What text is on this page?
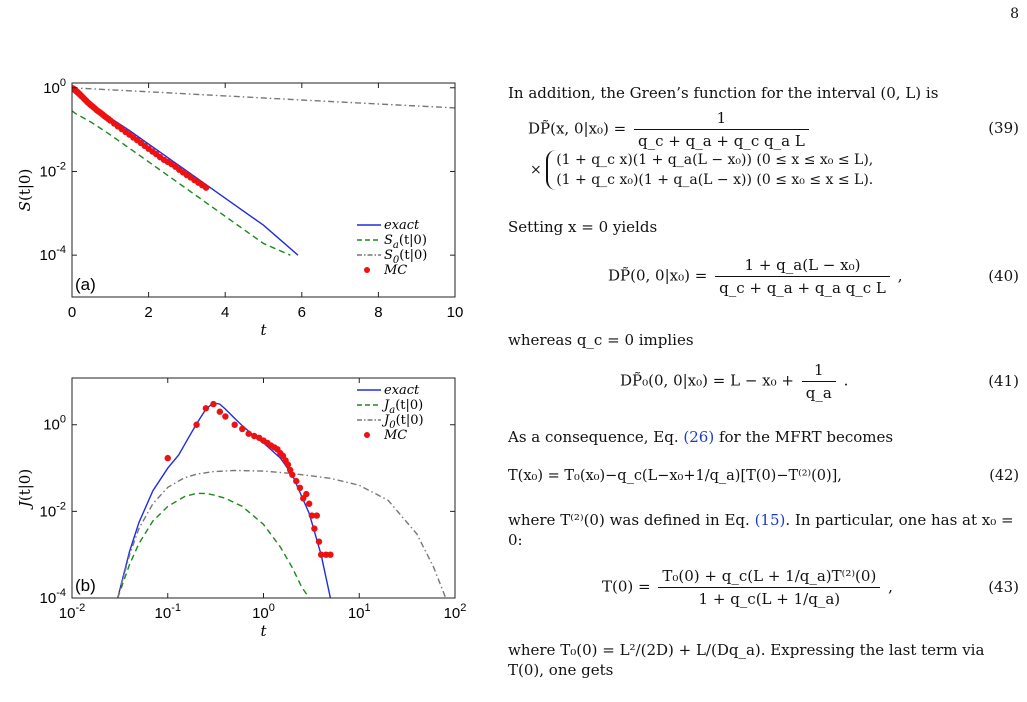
8
0	2	4	6	8	10
$10^0$
$10^{-2}$
$10^{-4}$
t
S(t|0)
(a)
exact
$S_a(t|0)$
$S_0(t|0)$
MC
$10^{-2}$	$10^{-1}$	$10^0$	$10^1$	$10^2$
$10^0$
$10^{-2}$
$10^{-4}$
t
J(t|0)
(b)
exact
$J_a(t|0)$
$J_0(t|0)$
MC
In addition, the Green’s function for the interval (0, L) is
DP̃(x, $0|x_0) = \frac{1}{\text{q\_c + q\_a + q\_c q\_a L}}$	(39)
×
(1 + q_c x)(1 + q_a(L − x₀)) (0 ≤ x ≤ x₀ ≤ L),
(1 + q_c x₀)(1 + q_a(L − x)) (0 ≤ x₀ ≤ x ≤ L).
Setting x = 0 yields
DP̃(0, $0|x_0) = \frac{\text{1 + q\_a(L − x₀)}}{\text{q\_c + q\_a + q\_a q\_c L}}$ ,	(40)
whereas q_c = 0 implies
DP̃₀(0, $0|x_0) = L - x_0 + \frac{1}{q\_a}$ .	(41)
As a consequence, Eq. (26) for the MFRT becomes
T(x₀) = T₀(x₀)−q_c(L−x₀+1/q_a)[T(0)−T⁽²⁾(0)],	(42)
where T⁽²⁾(0) was defined in Eq. (15). In particular, one has at x₀ = 0:
$T(0) = \frac{\text{T₀(0) + q\_c(L + 1/q\_a)T⁽²⁾(0)}}{1 + q\_c(L + 1/q\_a)}$ ,	(43)
where T₀(0) = L²/(2D) + L/(Dq_a). Expressing the last term via T(0), one gets
